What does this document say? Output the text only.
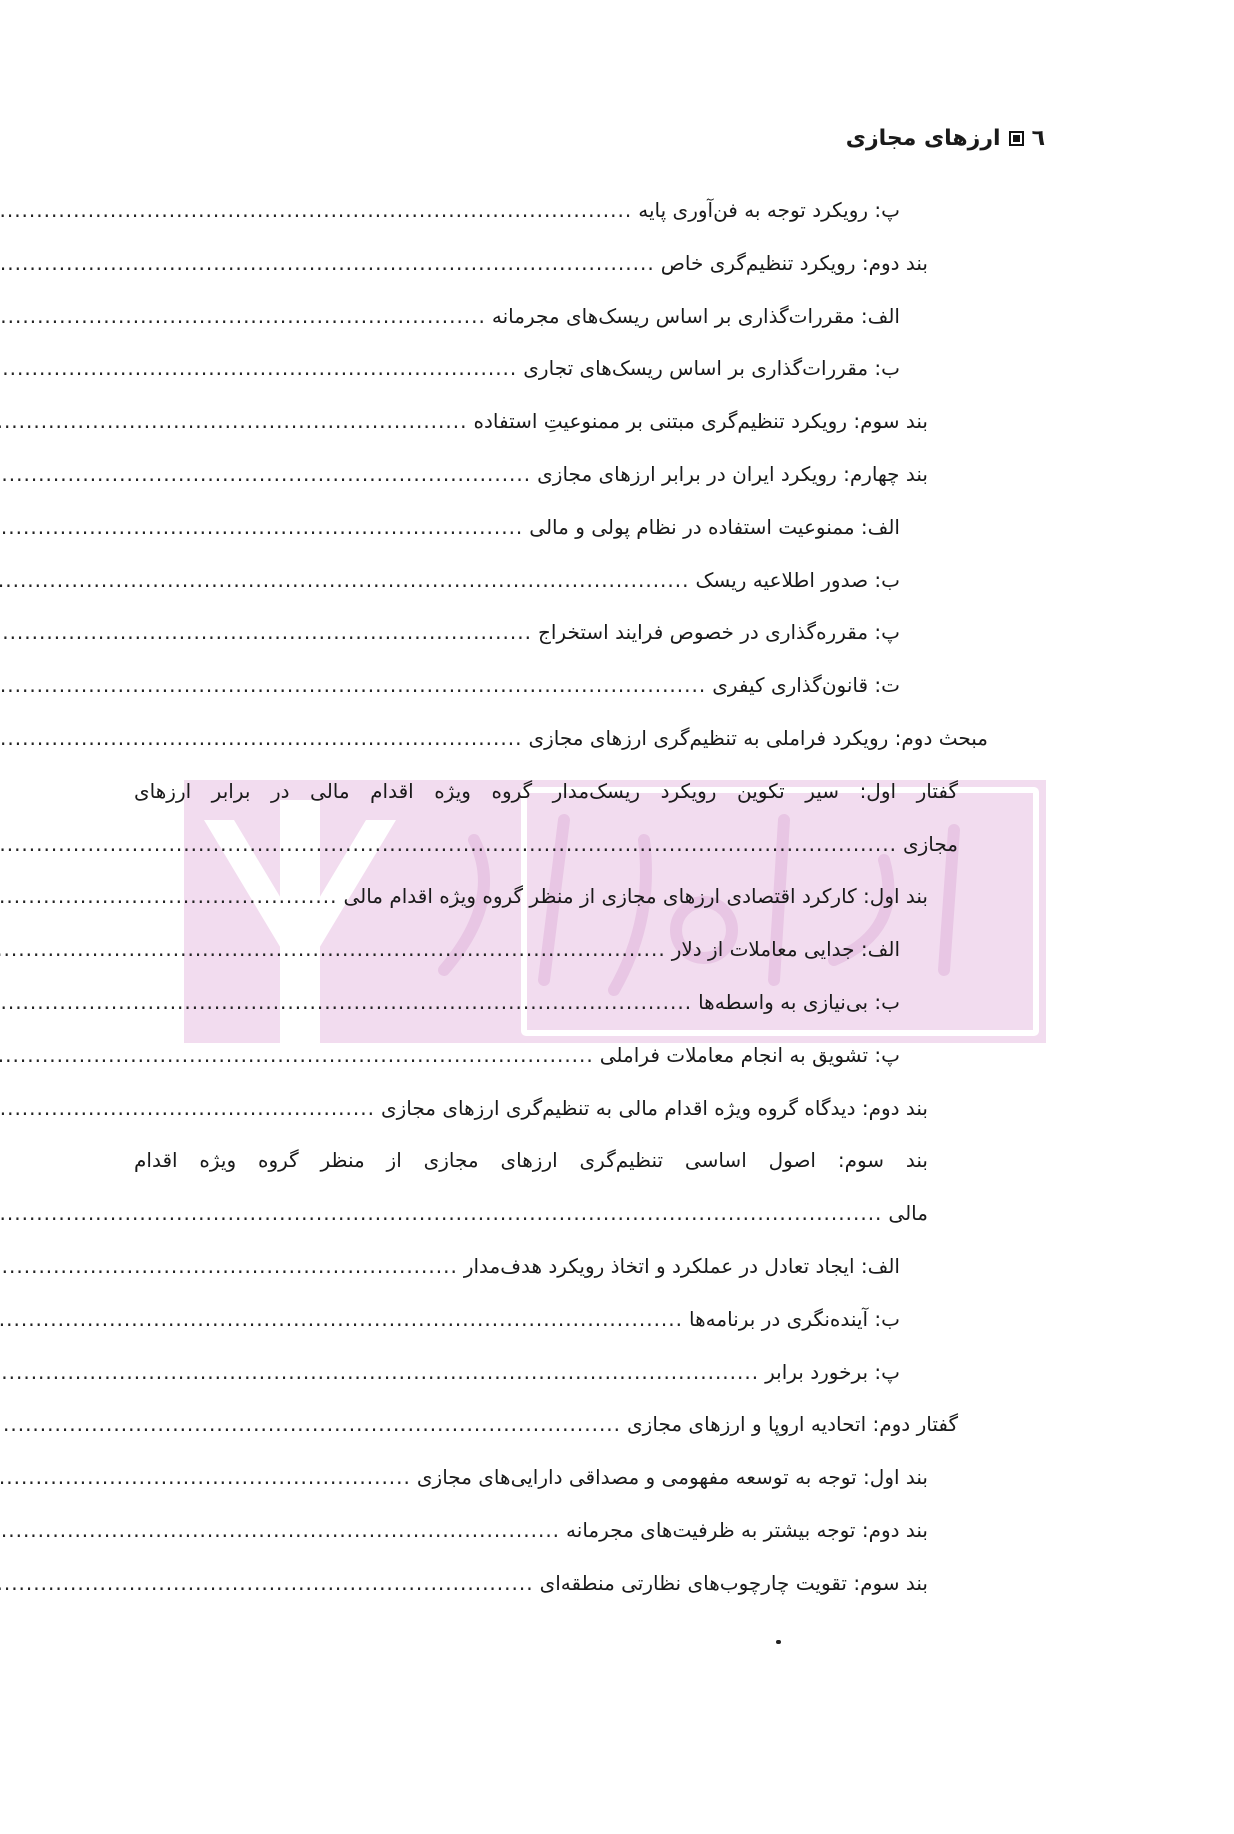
٦
ارزهای مجازی
پ: رویکرد توجه به فن‌آوری پایه
.....
بند دوم: رویکرد تنظیم‌گری خاص
.....
الف: مقررات‌گذاری بر اساس ریسک‌های مجرمانه
.....
ب: مقررات‌گذاری بر اساس ریسک‌های تجاری
.....
بند سوم: رویکرد تنظیم‌گری مبتنی بر ممنوعیتِ استفاده
.....
بند چهارم: رویکرد ایران در برابر ارزهای مجازی
.....
الف: ممنوعیت استفاده در نظام پولی و مالی
.....
ب: صدور اطلاعیه ریسک
.....
پ: مقرره‌گذاری در خصوص فرایند استخراج
.....
ت: قانون‌گذاری کیفری
.....
مبحث دوم: رویکرد فراملی به تنظیم‌گری ارزهای مجازی
.....
گفتار اول: سیر تکوین رویکرد ریسک‌مدار گروه ویژه اقدام مالی در برابر ارزهای
مجازی
.....
بند اول: کارکرد اقتصادی ارزهای مجازی از منظر گروه ویژه اقدام مالی
.....
الف: جدایی معاملات از دلار
.....
ب: بی‌نیازی به واسطه‌ها
.....
پ: تشویق به انجام معاملات فراملی
.....
بند دوم: دیدگاه گروه ویژه اقدام مالی به تنظیم‌گری ارزهای مجازی
.....
بند سوم: اصول اساسی تنظیم‌گری ارزهای مجازی از منظر گروه ویژه اقدام
مالی
.....
الف: ایجاد تعادل در عملکرد و اتخاذ رویکرد هدف‌مدار
.....
ب: آینده‌نگری در برنامه‌ها
.....
پ: برخورد برابر
.....
گفتار دوم: اتحادیه اروپا و ارزهای مجازی
.....
بند اول: توجه به توسعه مفهومی و مصداقی دارایی‌های مجازی
.....
بند دوم: توجه بیشتر به ظرفیت‌های مجرمانه
.....
بند سوم: تقویت چارچوب‌های نظارتی منطقه‌ای
.....
